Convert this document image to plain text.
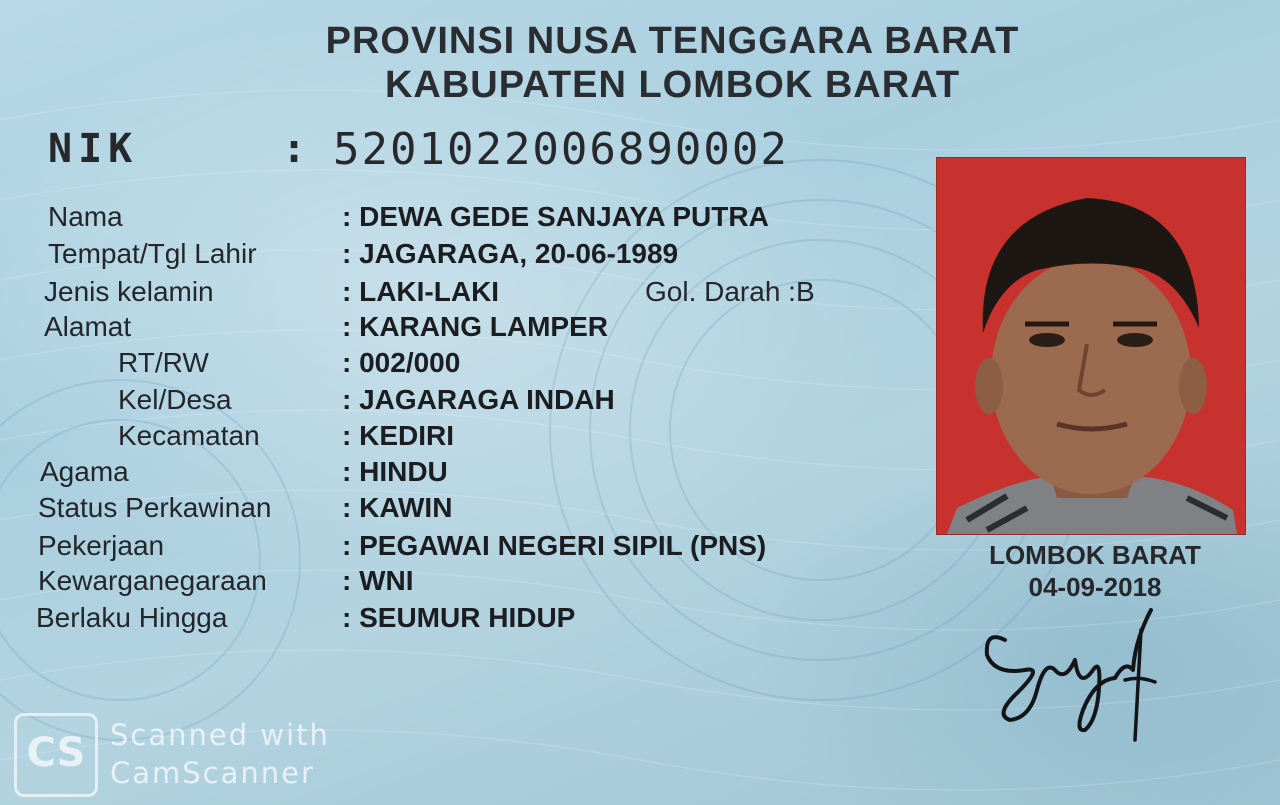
PROVINSI NUSA TENGGARA BARAT
KABUPATEN LOMBOK BARAT
NIK	: 5201022006890002
Nama	: DEWA GEDE SANJAYA PUTRA
Tempat/Tgl Lahir	: JAGARAGA, 20-06-1989
Jenis kelamin	: LAKI-LAKI	Gol. Darah :B
Alamat	: KARANG LAMPER
RT/RW	: 002/000
Kel/Desa	: JAGARAGA INDAH
Kecamatan	: KEDIRI
Agama	: HINDU
Status Perkawinan	: KAWIN
Pekerjaan	: PEGAWAI NEGERI SIPIL (PNS)
Kewarganegaraan	: WNI
Berlaku Hingga	: SEUMUR HIDUP
LOMBOK BARAT
04-09-2018
CS Scanned with
CamScanner
